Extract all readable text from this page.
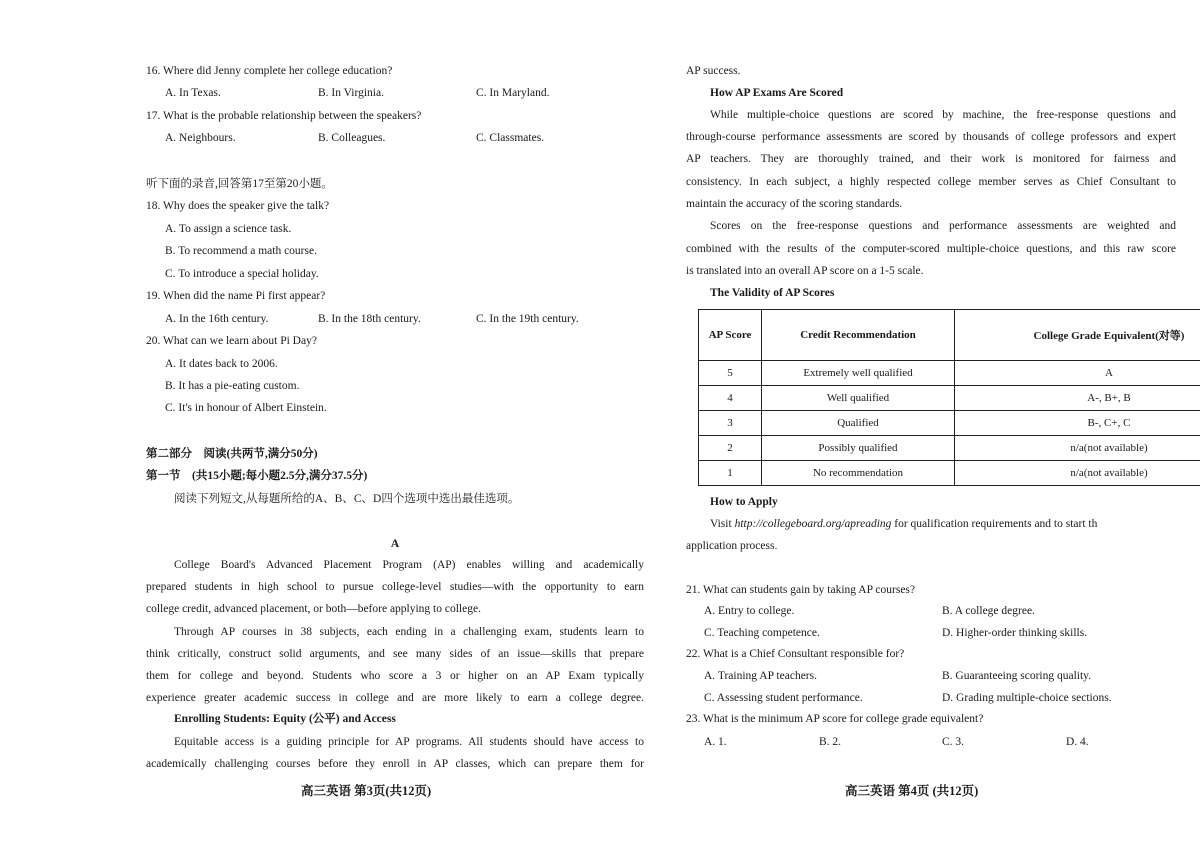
16. Where did Jenny complete her college education?
A. In Texas.	B. In Virginia.	C. In Maryland.
17. What is the probable relationship between the speakers?
A. Neighbours.	B. Colleagues.	C. Classmates.
听下面的录音,回答第17至第20小题。
18. Why does the speaker give the talk?
A. To assign a science task.
B. To recommend a math course.
C. To introduce a special holiday.
19. When did the name Pi first appear?
A. In the 16th century.	B. In the 18th century.	C. In the 19th century.
20. What can we learn about Pi Day?
A. It dates back to 2006.
B. It has a pie-eating custom.
C. It's in honour of Albert Einstein.
第二部分　阅读(共两节,满分50分)
第一节　(共15小题;每小题2.5分,满分37.5分)
阅读下列短文,从每题所给的A、B、C、D四个选项中选出最佳选项。
A
College Board's Advanced Placement Program (AP) enables willing and academically
prepared students in high school to pursue college-level studies—with the opportunity to earn
college credit, advanced placement, or both—before applying to college.
Through AP courses in 38 subjects, each ending in a challenging exam, students learn to
think critically, construct solid arguments, and see many sides of an issue—skills that prepare
them for college and beyond. Students who score a 3 or higher on an AP Exam typically
experience greater academic success in college and are more likely to earn a college degree.
Enrolling Students: Equity (公平) and Access
Equitable access is a guiding principle for AP programs. All students should have access to
academically challenging courses before they enroll in AP classes, which can prepare them for
高三英语 第3页(共12页)
AP success.
How AP Exams Are Scored
While multiple-choice questions are scored by machine, the free-response questions and
through-course performance assessments are scored by thousands of college professors and expert
AP teachers. They are thoroughly trained, and their work is monitored for fairness and
consistency. In each subject, a highly respected college member serves as Chief Consultant to
maintain the accuracy of the scoring standards.
Scores on the free-response questions and performance assessments are weighted and
combined with the results of the computer-scored multiple-choice questions, and this raw score
is translated into an overall AP score on a 1-5 scale.
The Validity of AP Scores
AP Score	Credit Recommendation	College Grade Equivalent(对等)
5	Extremely well qualified	A
4	Well qualified	A-, B+, B
3	Qualified	B-, C+, C
2	Possibly qualified	n/a(not available)
1	No recommendation	n/a(not available)
How to Apply
Visit http://collegeboard.org/apreading for qualification requirements and to start th
application process.
21. What can students gain by taking AP courses?
A. Entry to college.	B. A college degree.
C. Teaching competence.	D. Higher-order thinking skills.
22. What is a Chief Consultant responsible for?
A. Training AP teachers.	B. Guaranteeing scoring quality.
C. Assessing student performance.	D. Grading multiple-choice sections.
23. What is the minimum AP score for college grade equivalent?
A. 1.	B. 2.	C. 3.	D. 4.
高三英语 第4页 (共12页)
